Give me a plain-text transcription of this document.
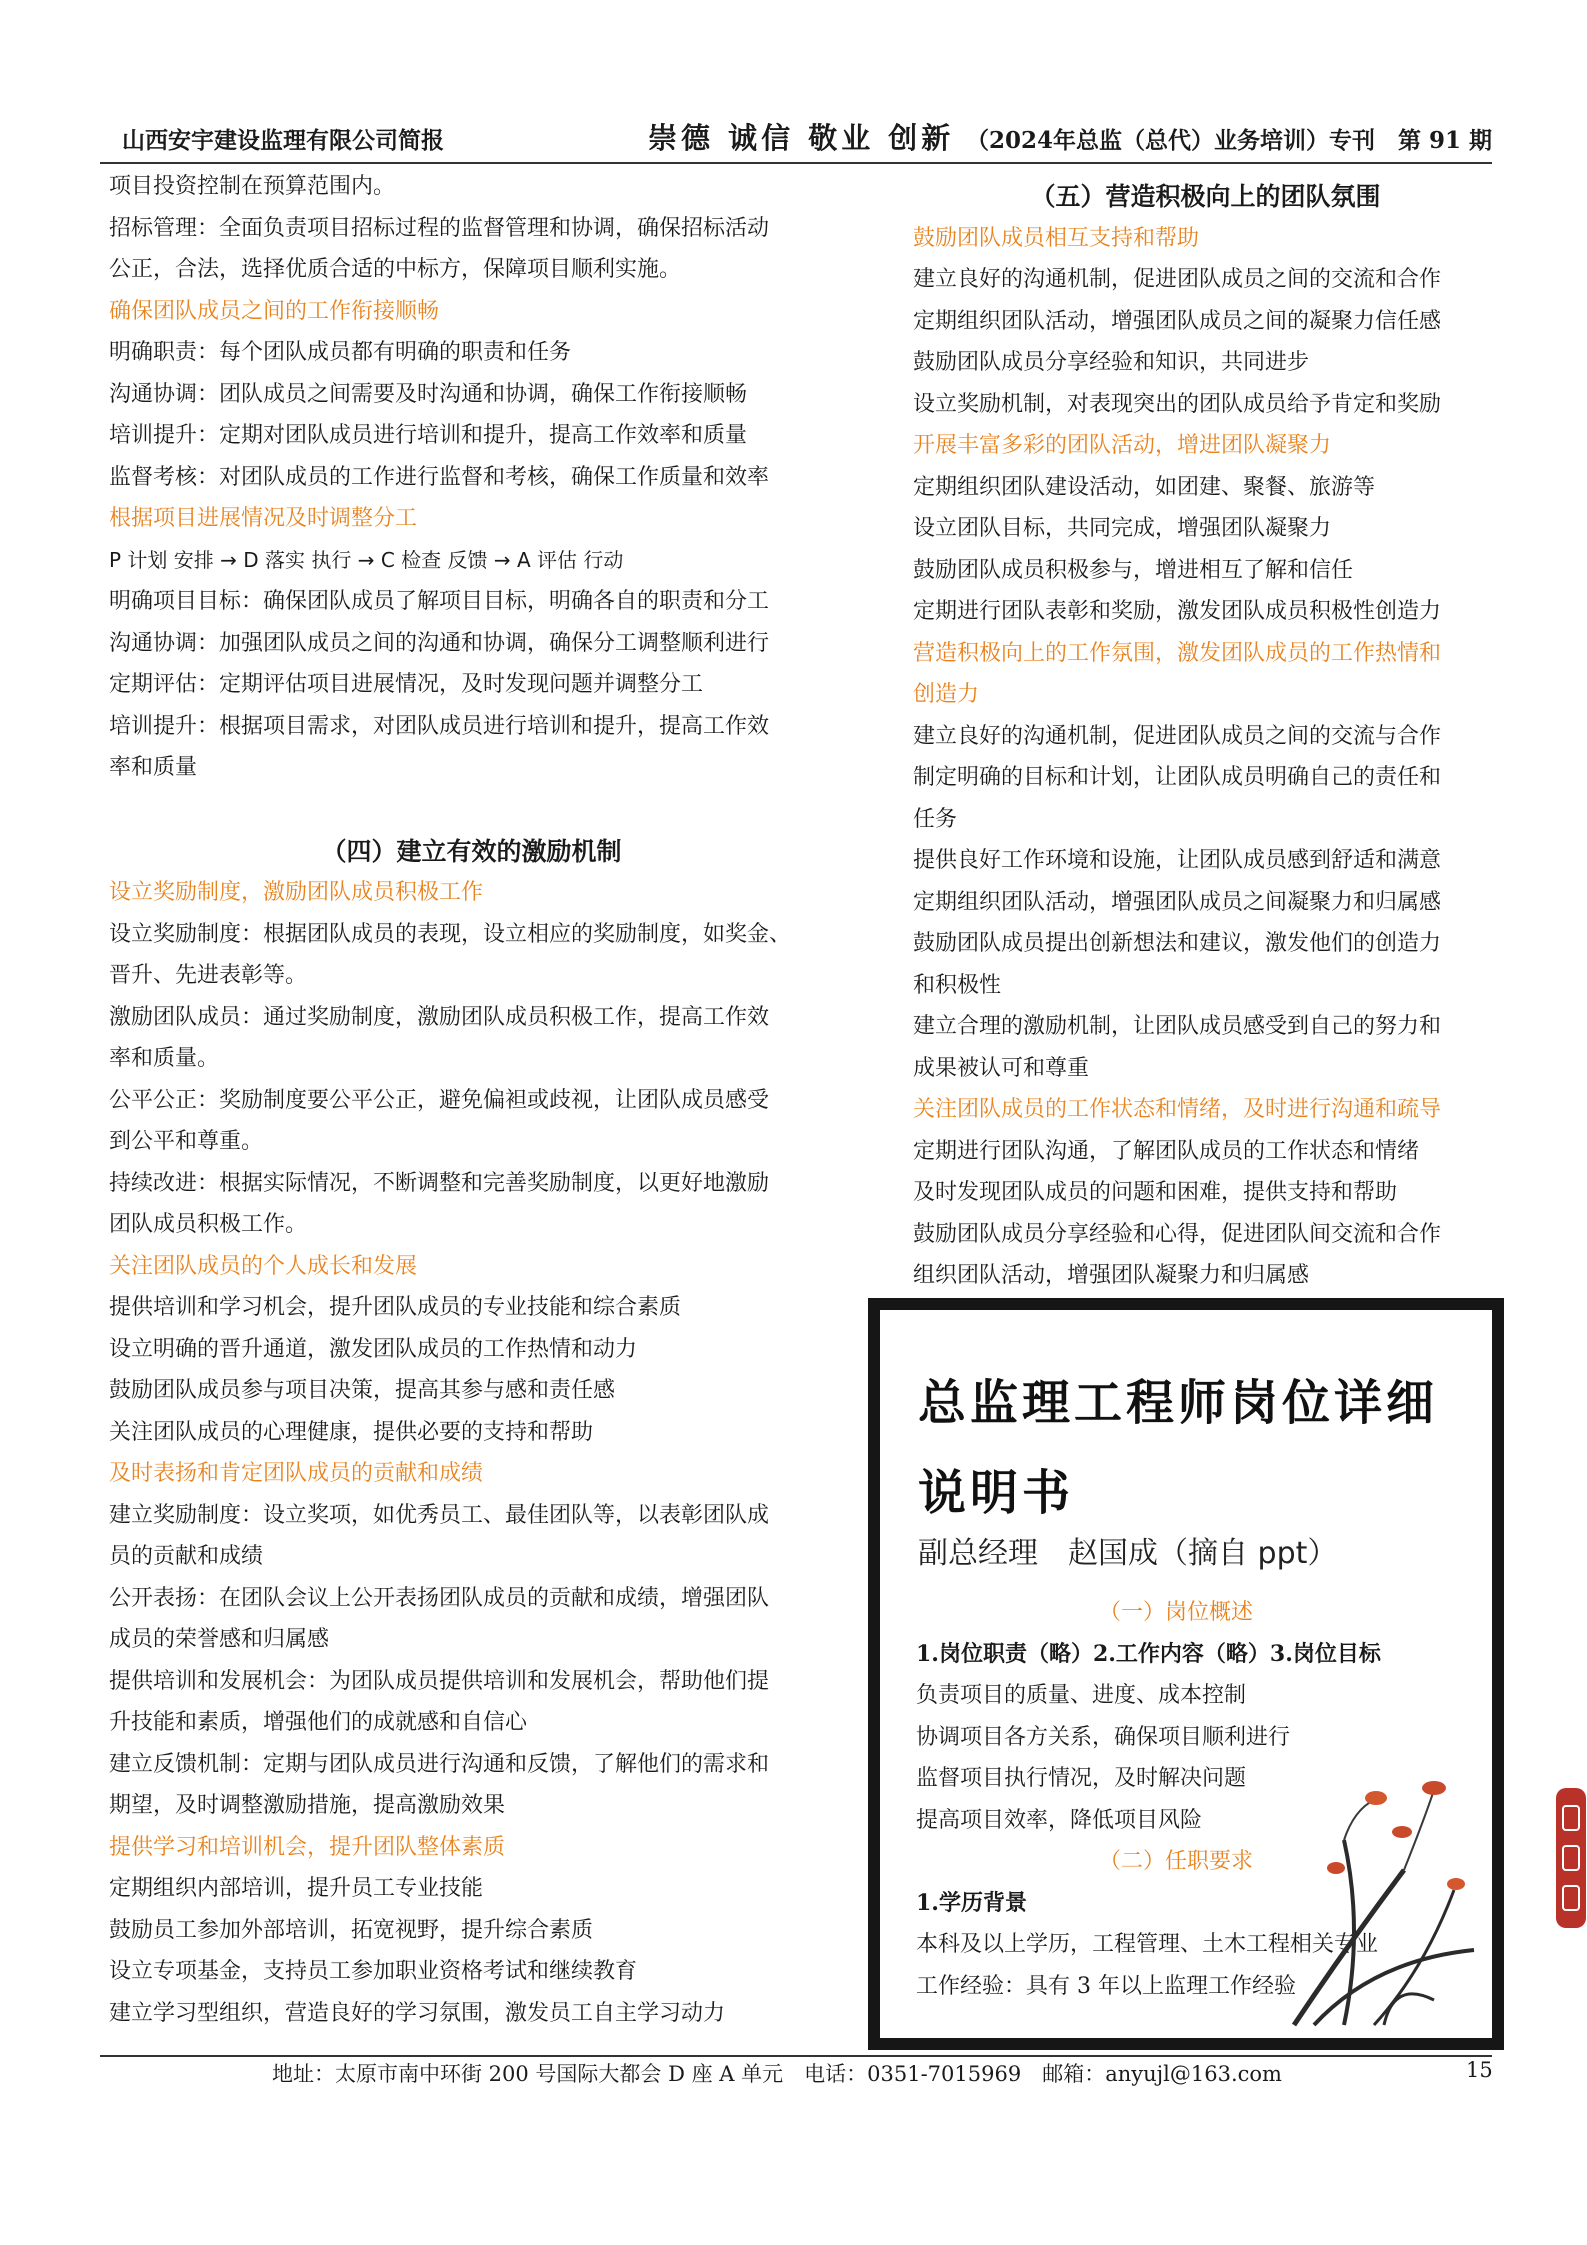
山西安宇建设监理有限公司简报	崇德 诚信 敬业 创新 （2024年总监（总代）业务培训）专刊　第 91 期

项目投资控制在预算范围内。

招标管理：全面负责项目招标过程的监督管理和协调，确保招标活动

公正，合法，选择优质合适的中标方，保障项目顺利实施。

确保团队成员之间的工作衔接顺畅

明确职责：每个团队成员都有明确的职责和任务

沟通协调：团队成员之间需要及时沟通和协调，确保工作衔接顺畅

培训提升：定期对团队成员进行培训和提升，提高工作效率和质量

监督考核：对团队成员的工作进行监督和考核，确保工作质量和效率

根据项目进展情况及时调整分工

P 计划 安排 → D 落实 执行 → C 检查 反馈 → A 评估 行动

明确项目目标：确保团队成员了解项目目标，明确各自的职责和分工

沟通协调：加强团队成员之间的沟通和协调，确保分工调整顺利进行

定期评估：定期评估项目进展情况，及时发现问题并调整分工

培训提升：根据项目需求，对团队成员进行培训和提升，提高工作效

率和质量

（四）建立有效的激励机制

设立奖励制度，激励团队成员积极工作

设立奖励制度：根据团队成员的表现，设立相应的奖励制度，如奖金、

晋升、先进表彰等。

激励团队成员：通过奖励制度，激励团队成员积极工作，提高工作效

率和质量。

公平公正：奖励制度要公平公正，避免偏袒或歧视，让团队成员感受

到公平和尊重。

持续改进：根据实际情况，不断调整和完善奖励制度，以更好地激励

团队成员积极工作。

关注团队成员的个人成长和发展

提供培训和学习机会，提升团队成员的专业技能和综合素质

设立明确的晋升通道，激发团队成员的工作热情和动力

鼓励团队成员参与项目决策，提高其参与感和责任感

关注团队成员的心理健康，提供必要的支持和帮助

及时表扬和肯定团队成员的贡献和成绩

建立奖励制度：设立奖项，如优秀员工、最佳团队等，以表彰团队成

员的贡献和成绩

公开表扬：在团队会议上公开表扬团队成员的贡献和成绩，增强团队

成员的荣誉感和归属感

提供培训和发展机会：为团队成员提供培训和发展机会，帮助他们提

升技能和素质，增强他们的成就感和自信心

建立反馈机制：定期与团队成员进行沟通和反馈，了解他们的需求和

期望，及时调整激励措施，提高激励效果

提供学习和培训机会，提升团队整体素质

定期组织内部培训，提升员工专业技能

鼓励员工参加外部培训，拓宽视野，提升综合素质

设立专项基金，支持员工参加职业资格考试和继续教育

建立学习型组织，营造良好的学习氛围，激发员工自主学习动力

（五）营造积极向上的团队氛围

鼓励团队成员相互支持和帮助

建立良好的沟通机制，促进团队成员之间的交流和合作

定期组织团队活动，增强团队成员之间的凝聚力信任感

鼓励团队成员分享经验和知识，共同进步

设立奖励机制，对表现突出的团队成员给予肯定和奖励

开展丰富多彩的团队活动，增进团队凝聚力

定期组织团队建设活动，如团建、聚餐、旅游等

设立团队目标，共同完成，增强团队凝聚力

鼓励团队成员积极参与，增进相互了解和信任

定期进行团队表彰和奖励，激发团队成员积极性创造力

营造积极向上的工作氛围，激发团队成员的工作热情和

创造力

建立良好的沟通机制，促进团队成员之间的交流与合作

制定明确的目标和计划，让团队成员明确自己的责任和

任务

提供良好工作环境和设施，让团队成员感到舒适和满意

定期组织团队活动，增强团队成员之间凝聚力和归属感

鼓励团队成员提出创新想法和建议，激发他们的创造力

和积极性

建立合理的激励机制，让团队成员感受到自己的努力和

成果被认可和尊重

关注团队成员的工作状态和情绪，及时进行沟通和疏导

定期进行团队沟通，了解团队成员的工作状态和情绪

及时发现团队成员的问题和困难，提供支持和帮助

鼓励团队成员分享经验和心得，促进团队间交流和合作

组织团队活动，增强团队凝聚力和归属感

总监理工程师岗位详细
说明书
副总经理　赵国成（摘自 ppt）

（一）岗位概述

1.岗位职责（略）2.工作内容（略）3.岗位目标

负责项目的质量、进度、成本控制

协调项目各方关系，确保项目顺利进行

监督项目执行情况，及时解决问题

提高项目效率，降低项目风险

（二）任职要求

1.学历背景

本科及以上学历，工程管理、土木工程相关专业

工作经验：具有 3 年以上监理工作经验

地址：太原市南中环街 200 号国际大都会 D 座 A 单元　电话：0351-7015969　邮箱：anyujl@163.com	15
